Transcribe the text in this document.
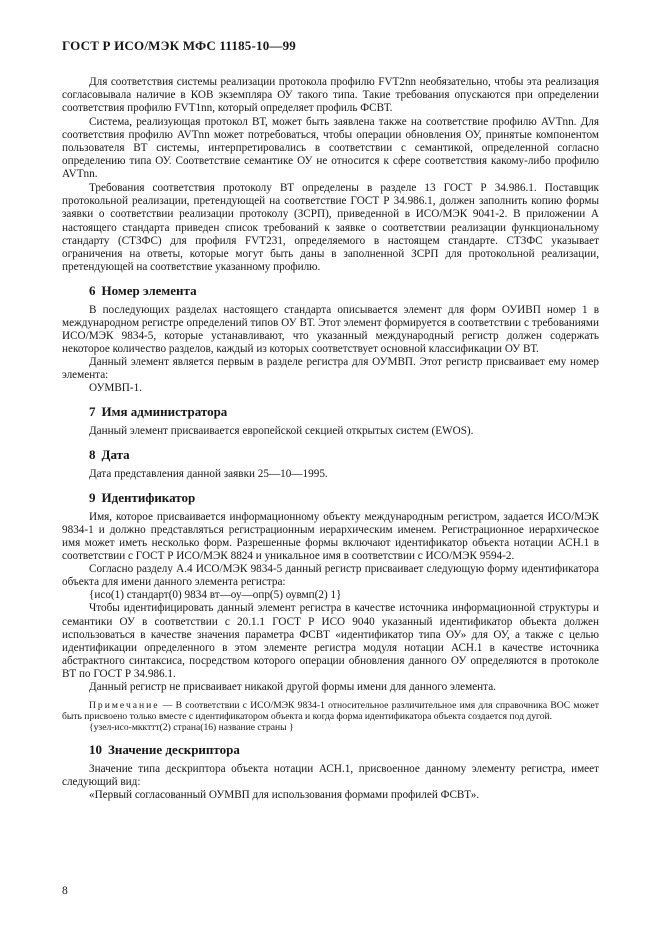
ГОСТ Р ИСО/МЭК МФС 11185-10—99

Для соответствия системы реализации протокола профилю FVT2nn необязательно, чтобы эта реализация согласовывала наличие в КОВ экземпляра ОУ такого типа. Такие требования опускаются при определении соответствия профилю FVT1nn, который определяет профиль ФСВТ.

Система, реализующая протокол ВТ, может быть заявлена также на соответствие профилю AVTnn. Для соответствия профилю AVTnn может потребоваться, чтобы операции обновления ОУ, принятые компонентом пользователя ВТ системы, интерпретировались в соответствии с семантикой, определенной согласно определению типа ОУ. Соответствие семантике ОУ не относится к сфере соответствия какому-либо профилю AVTnn.

Требования соответствия протоколу ВТ определены в разделе 13 ГОСТ Р 34.986.1. Поставщик протокольной реализации, претендующей на соответствие ГОСТ Р 34.986.1, должен заполнить копию формы заявки о соответствии реализации протоколу (ЗСРП), приведенной в ИСО/МЭК 9041-2. В приложении А настоящего стандарта приведен список требований к заявке о соответствии реализации функциональному стандарту (СТЗФС) для профиля FVT231, определяемого в настоящем стандарте. СТЗФС указывает ограничения на ответы, которые могут быть даны в заполненной ЗСРП для протокольной реализации, претендующей на соответствие указанному профилю.

6 Номер элемента

В последующих разделах настоящего стандарта описывается элемент для форм ОУИВП номер 1 в международном регистре определений типов ОУ ВТ. Этот элемент формируется в соответствии с требованиями ИСО/МЭК 9834-5, которые устанавливают, что указанный международный регистр должен содержать некоторое количество разделов, каждый из которых соответствует основной классификации ОУ ВТ.

Данный элемент является первым в разделе регистра для ОУМВП. Этот регистр присваивает ему номер элемента:

ОУМВП-1.

7 Имя администратора

Данный элемент присваивается европейской секцией открытых систем (EWOS).

8 Дата

Дата представления данной заявки 25—10—1995.

9 Идентификатор

Имя, которое присваивается информационному объекту международным регистром, задается ИСО/МЭК 9834-1 и должно представляться регистрационным иерархическим именем. Регистрационное иерархическое имя может иметь несколько форм. Разрешенные формы включают идентификатор объекта нотации АСН.1 в соответствии с ГОСТ Р ИСО/МЭК 8824 и уникальное имя в соответствии с ИСО/МЭК 9594-2.

Согласно разделу А.4 ИСО/МЭК 9834-5 данный регистр присваивает следующую форму идентификатора объекта для имени данного элемента регистра:

{исо(1) стандарт(0) 9834 вт—оу—опр(5) оувмп(2) 1}

Чтобы идентифицировать данный элемент регистра в качестве источника информационной структуры и семантики ОУ в соответствии с 20.1.1 ГОСТ Р ИСО 9040 указанный идентификатор объекта должен использоваться в качестве значения параметра ФСВТ «идентификатор типа ОУ» для ОУ, а также с целью идентификации определенного в этом элементе регистра модуля нотации АСН.1 в качестве источника абстрактного синтаксиса, посредством которого операции обновления данного ОУ определяются в протоколе ВТ по ГОСТ Р 34.986.1.

Данный регистр не присваивает никакой другой формы имени для данного элемента.

Примечание — В соответствии с ИСО/МЭК 9834-1 относительное различительное имя для справочника ВОС может быть присвоено только вместе с идентификатором объекта и когда форма идентификатора объекта создается под дугой.
{узел-исо-мккттт(2) страна(16) название страны }
10 Значение дескриптора

Значение типа дескриптора объекта нотации АСН.1, присвоенное данному элементу регистра, имеет следующий вид:

«Первый согласованный ОУМВП для использования формами профилей ФСВТ».

8
